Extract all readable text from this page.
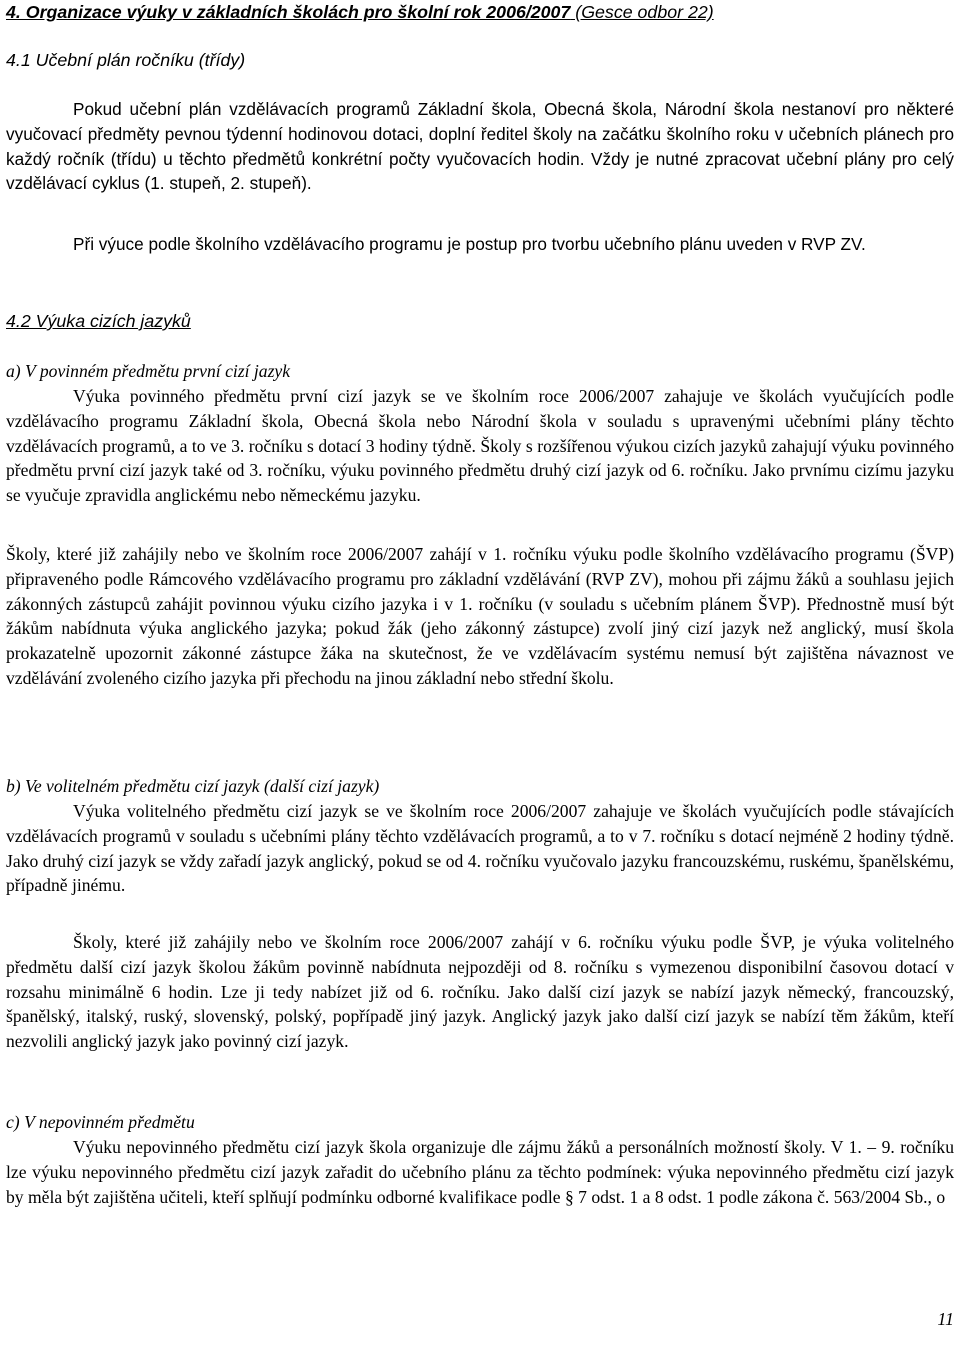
4. Organizace výuky v základních školách pro školní rok 2006/2007 (Gesce odbor 22)
4.1 Učební plán ročníku (třídy)

Pokud učební plán vzdělávacích programů Základní škola, Obecná škola, Národní škola nestanoví pro některé vyučovací předměty pevnou týdenní hodinovou dotaci, doplní ředitel školy na začátku školního roku v učebních plánech pro každý ročník (třídu) u těchto předmětů konkrétní počty vyučovacích hodin. Vždy je nutné zpracovat učební plány pro celý vzdělávací cyklus (1. stupeň, 2. stupeň).

Při výuce podle školního vzdělávacího programu je postup pro tvorbu učebního plánu uveden v RVP ZV.

4.2 Výuka cizích jazyků
a) V povinném předmětu první cizí jazyk

Výuka povinného předmětu první cizí jazyk se ve školním roce 2006/2007 zahajuje ve školách vyučujících podle vzdělávacího programu Základní škola, Obecná škola nebo Národní škola v souladu s upravenými učebními plány těchto vzdělávacích programů, a to ve 3. ročníku s dotací 3 hodiny týdně. Školy s rozšířenou výukou cizích jazyků zahajují výuku povinného předmětu první cizí jazyk také od 3. ročníku, výuku povinného předmětu druhý cizí jazyk od 6. ročníku. Jako prvnímu cizímu jazyku se vyučuje zpravidla anglickému nebo německému jazyku.

Školy, které již zahájily nebo ve školním roce 2006/2007 zahájí v 1. ročníku výuku podle školního vzdělávacího programu (ŠVP) připraveného podle Rámcového vzdělávacího programu pro základní vzdělávání (RVP ZV), mohou při zájmu žáků a souhlasu jejich zákonných zástupců zahájit povinnou výuku cizího jazyka i v 1. ročníku (v souladu s učebním plánem ŠVP). Přednostně musí být žákům nabídnuta výuka anglického jazyka; pokud žák (jeho zákonný zástupce) zvolí jiný cizí jazyk než anglický, musí škola prokazatelně upozornit zákonné zástupce žáka na skutečnost, že ve vzdělávacím systému nemusí být zajištěna návaznost ve vzdělávání zvoleného cizího jazyka při přechodu na jinou základní nebo střední školu.

b) Ve volitelném předmětu cizí jazyk (další cizí jazyk)

Výuka volitelného předmětu cizí jazyk se ve školním roce 2006/2007 zahajuje ve školách vyučujících podle stávajících vzdělávacích programů v souladu s učebními plány těchto vzdělávacích programů, a to v 7. ročníku s dotací nejméně 2 hodiny týdně. Jako druhý cizí jazyk se vždy zařadí jazyk anglický, pokud se od 4. ročníku vyučovalo jazyku francouzskému, ruskému, španělskému, případně jinému.

Školy, které již zahájily nebo ve školním roce 2006/2007 zahájí v 6. ročníku výuku podle ŠVP, je výuka volitelného předmětu další cizí jazyk školou žákům povinně nabídnuta nejpozději od 8. ročníku s vymezenou disponibilní časovou dotací v rozsahu minimálně 6 hodin. Lze ji tedy nabízet již od 6. ročníku. Jako další cizí jazyk se nabízí jazyk německý, francouzský, španělský, italský, ruský, slovenský, polský, popřípadě jiný jazyk. Anglický jazyk jako další cizí jazyk se nabízí těm žákům, kteří nezvolili anglický jazyk jako povinný cizí jazyk.

c) V nepovinném předmětu

Výuku nepovinného předmětu cizí jazyk škola organizuje dle zájmu žáků a personálních možností školy. V 1. – 9. ročníku lze výuku nepovinného předmětu cizí jazyk zařadit do učebního plánu za těchto podmínek: výuka nepovinného předmětu cizí jazyk by měla být zajištěna učiteli, kteří splňují podmínku odborné kvalifikace podle § 7 odst. 1 a 8 odst. 1 podle zákona č. 563/2004 Sb., o

11
